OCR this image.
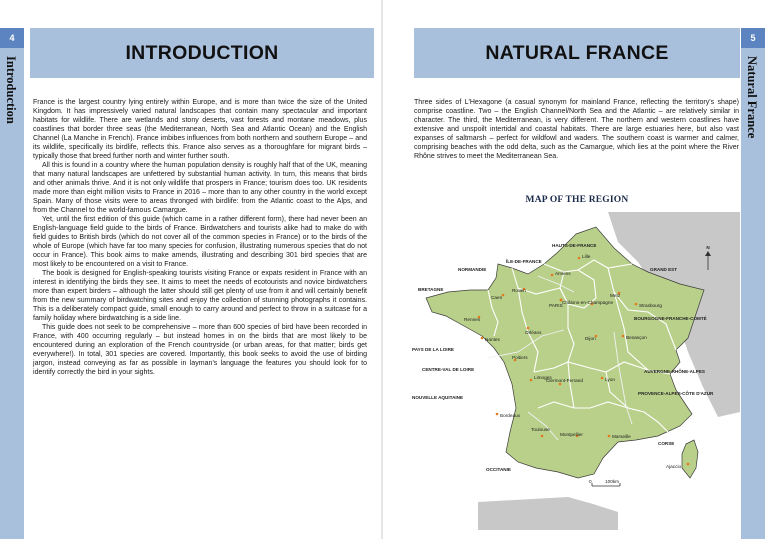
4
Introduction
INTRODUCTION

France is the largest country lying entirely within Europe, and is more than twice the size of the United Kingdom. It has impressively varied natural landscapes that contain many spectacular and important habitats for wildlife. There are wetlands and stony deserts, vast forests and montane meadows, plus coastlines that border three seas (the Mediterranean, North Sea and Atlantic Ocean) and the English Channel (La Manche in French). France imbibes influences from both northern and southern Europe – and its wildlife, specifically its birdlife, reflects this. France also serves as a thoroughfare for migrant birds – typically those that breed further north and winter further south.

All this is found in a country where the human population density is roughly half that of the UK, meaning that many natural landscapes are unfettered by substantial human activity. In turn, this means that birds and other animals thrive. And it is not only wildlife that prospers in France; tourism does too. UK residents made more than eight million visits to France in 2016 – more than to any other country in the world except Spain. Many of those visits were to areas thronged with birdlife: from the Atlantic coast to the Alps, and from the Channel to the world-famous Camargue.

Yet, until the first edition of this guide (which came in a rather different form), there had never been an English-language field guide to the birds of France. Birdwatchers and tourists alike had to make do with field guides to British birds (which do not cover all of the common species in France) or to the birds of the whole of Europe (which have far too many species for confusion, illustrating numerous species that do not occur in France). This book aims to make amends, illustrating and describing 301 bird species that are most likely to be encountered on a visit to France.

The book is designed for English-speaking tourists visiting France or expats resident in France with an interest in identifying the birds they see. It aims to meet the needs of ecotourists and novice birdwatchers more than expert birders – although the latter should still get plenty of use from it and will certainly benefit from the new summary of birdwatching sites and enjoy the collection of stunning photographs it contains. This is a deliberately compact guide, small enough to carry around and perfect to throw in a suitcase for a family holiday where birdwatching is a side line.

This guide does not seek to be comprehensive – more than 600 species of bird have been recorded in France, with 400 occurring regularly – but instead homes in on the birds that are most likely to be encountered during an exploration of the French countryside (or urban areas, for that matter; birds get everywhere!). In total, 301 species are covered. Importantly, this book seeks to avoid the use of birding jargon, instead conveying as far as possible in layman's language the features you should look for to identify correctly the bird in your sights.

5
Natural France
NATURAL FRANCE

Three sides of L'Hexagone (a casual synonym for mainland France, reflecting the territory's shape) comprise coastline. Two – the English Channel/North Sea and the Atlantic – are relatively similar in character. The third, the Mediterranean, is very different. The northern and western coastlines have extensive and unspoilt intertidal and coastal habitats. There are large estuaries here, but also vast expanses of saltmarsh – perfect for wildfowl and waders. The southern coast is warmer and calmer, comprising beaches with the odd delta, such as the Camargue, which lies at the point where the River Rhône strives to meet the Mediterranean Sea.

MAP OF THE REGION
N
HAUTS-DE-FRANCE
ÎLE-DE-FRANCE
NORMANDIE	GRAND EST
BRETAGNE
PAYS DE LA LOIRE
CENTRE-VAL DE LOIRE
BOURGOGNE-FRANCHE-COMTÉ
NOUVELLE AQUITAINE
AUVERGNE-RHÔNE-ALPES
PROVENCE-ALPES-CÔTE D'AZUR
OCCITANIE
CORSE
Lille
Amiens
Rouen
Caen
PARIS
Châlons-en-Champagne
Metz
Strasbourg
Rennes
Orléans
Nantes	Dijon	Besançon
Poitiers
Limoges
Clermont-Ferrand	Lyon
Bordeaux
Toulouse
Montpellier	Marseille
Ajaccio
0	100km
